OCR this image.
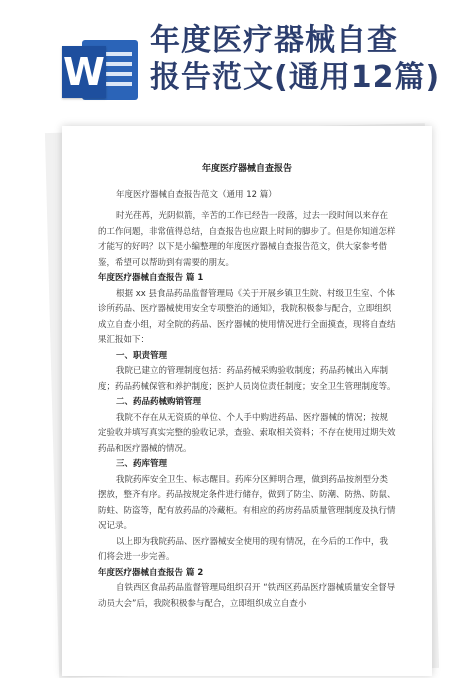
W
年度医疗器械自查
报告范文(通用12篇)
年度医疗器械自查报告
年度医疗器械自查报告范文（通用 12 篇）

时光荏苒，光阴似箭，辛苦的工作已经告一段落，过去一段时间以来存在的工作问题，非常值得总结，自查报告也应跟上时间的脚步了。但是你知道怎样才能写的好吗？以下是小编整理的年度医疗器械自查报告范文，供大家参考借鉴，希望可以帮助到有需要的朋友。

年度医疗器械自查报告 篇 1

根据 xx 县食品药品监督管理局《关于开展乡镇卫生院、村级卫生室、个体诊所药品、医疗器械使用安全专项整治的通知》，我院积极参与配合，立即组织成立自查小组，对全院的药品、医疗器械的使用情况进行全面摸查，现将自查结果汇报如下：

一、职责管理

我院已建立的管理制度包括：药品药械采购验收制度；药品药械出入库制度；药品药械保管和养护制度；医护人员岗位责任制度；安全卫生管理制度等。

二、药品药械购销管理

我院不存在从无资质的单位、个人手中购进药品、医疗器械的情况；按规定验收并填写真实完整的验收记录，查验、索取相关资料；不存在使用过期失效药品和医疗器械的情况。

三、药库管理

我院药库安全卫生、标志醒目。药库分区鲜明合理，做到药品按剂型分类摆放，整齐有序。药品按规定条件进行储存，做到了防尘、防潮、防热、防鼠、防蛀、防盗等，配有放药品的冷藏柜。有相应的药房药品质量管理制度及执行情况记录。

以上即为我院药品、医疗器械安全使用的现有情况，在今后的工作中，我们将会进一步完善。

年度医疗器械自查报告 篇 2

自铁西区食品药品监督管理局组织召开 “铁西区药品医疗器械质量安全督导动员大会”后，我院积极参与配合，立即组织成立自查小
